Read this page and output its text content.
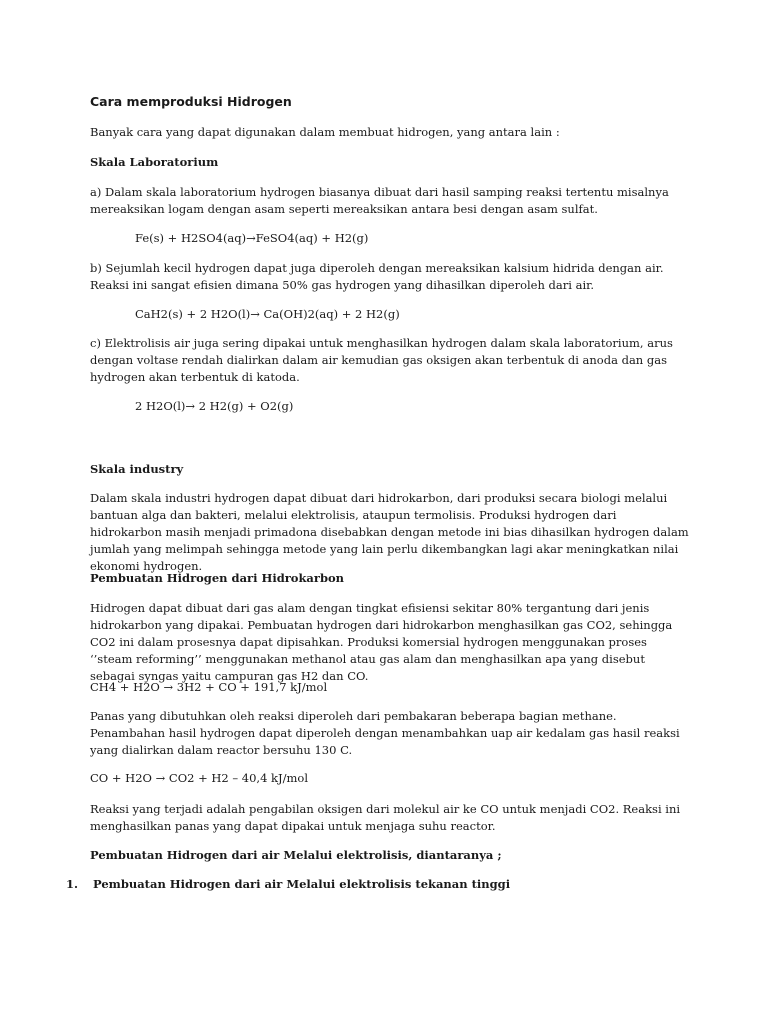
Cara memproduksi Hidrogen

Banyak cara yang dapat digunakan dalam membuat hidrogen, yang antara lain :

Skala Laboratorium

a) Dalam skala laboratorium hydrogen biasanya dibuat dari hasil samping reaksi tertentu misalnya mereaksikan logam dengan asam seperti mereaksikan antara besi dengan asam sulfat.

Fe(s) + H2SO4(aq)→FeSO4(aq) + H2(g)

b) Sejumlah kecil hydrogen dapat juga diperoleh dengan mereaksikan kalsium hidrida dengan air. Reaksi ini sangat efisien dimana 50% gas hydrogen yang dihasilkan diperoleh dari air.

CaH2(s) + 2 H2O(l)→ Ca(OH)2(aq) + 2 H2(g)

c) Elektrolisis air juga sering dipakai untuk menghasilkan hydrogen dalam skala laboratorium, arus dengan voltase rendah dialirkan dalam air kemudian gas oksigen akan terbentuk di anoda dan gas hydrogen akan terbentuk di katoda.

2 H2O(l)→ 2 H2(g) + O2(g)

Skala industry

Dalam skala industri hydrogen dapat dibuat dari hidrokarbon, dari produksi secara biologi melalui bantuan alga dan bakteri, melalui elektrolisis, ataupun termolisis. Produksi hydrogen dari hidrokarbon masih menjadi primadona disebabkan dengan metode ini bias dihasilkan hydrogen dalam jumlah yang melimpah sehingga metode yang lain perlu dikembangkan lagi akar meningkatkan nilai ekonomi hydrogen.

Pembuatan Hidrogen dari Hidrokarbon

Hidrogen dapat dibuat dari gas alam dengan tingkat efisiensi sekitar 80% tergantung dari jenis hidrokarbon yang dipakai. Pembuatan hydrogen dari hidrokarbon menghasilkan gas CO2, sehingga CO2 ini dalam prosesnya dapat dipisahkan. Produksi komersial hydrogen menggunakan proses ‘’steam reforming’’ menggunakan methanol atau gas alam dan menghasilkan apa yang disebut sebagai syngas yaitu campuran gas H2 dan CO.

CH4 + H2O → 3H2 + CO + 191,7 kJ/mol

Panas yang dibutuhkan oleh reaksi diperoleh dari pembakaran beberapa bagian methane. Penambahan hasil hydrogen dapat diperoleh dengan menambahkan uap air kedalam gas hasil reaksi yang dialirkan dalam reactor bersuhu 130 C.

CO + H2O → CO2 + H2 – 40,4 kJ/mol

Reaksi yang terjadi adalah pengabilan oksigen dari molekul air ke CO untuk menjadi CO2. Reaksi ini menghasilkan panas yang dapat dipakai untuk menjaga suhu reactor.

Pembuatan Hidrogen dari air Melalui elektrolisis, diantaranya ;

1. Pembuatan Hidrogen dari air Melalui elektrolisis tekanan tinggi
